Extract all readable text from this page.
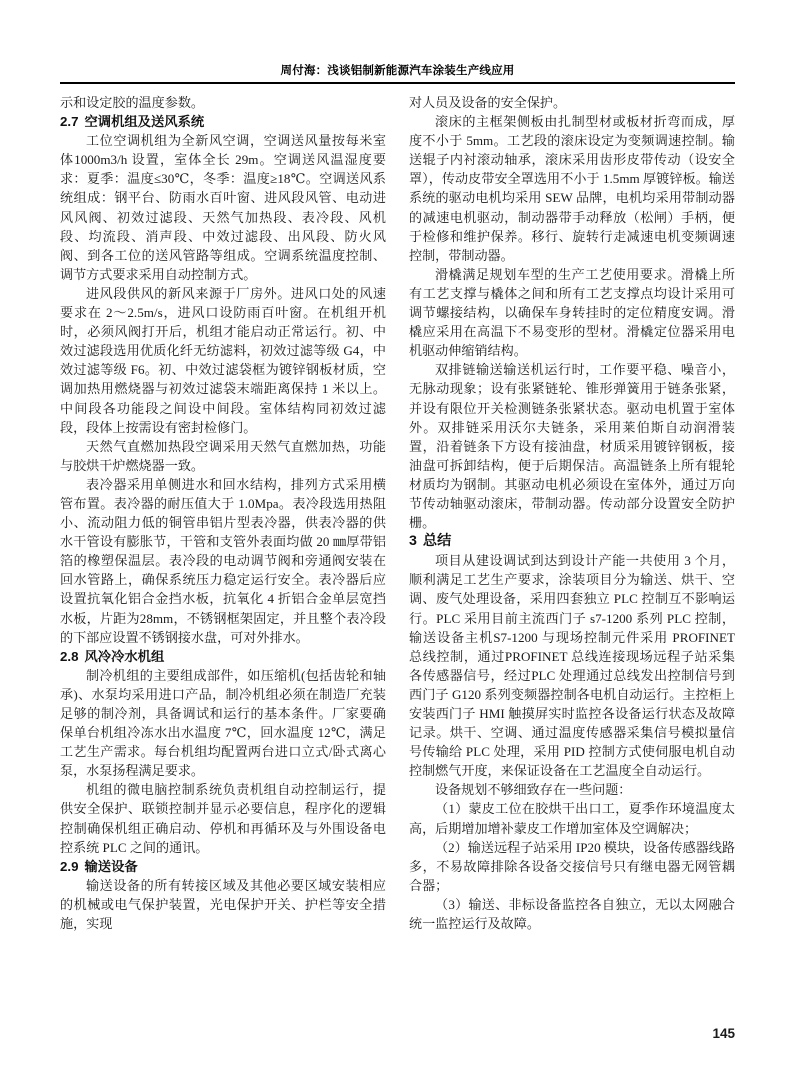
周付海：浅谈铝制新能源汽车涂装生产线应用

示和设定胶的温度参数。

2.7 空调机组及送风系统

工位空调机组为全新风空调，空调送风量按每米室体1000m3/h 设置，室体全长 29m。空调送风温湿度要求：夏季：温度≤30℃，冬季：温度≥18℃。空调送风系统组成：钢平台、防雨水百叶窗、进风段风管、电动进风风阀、初效过滤段、天然气加热段、表冷段、风机段、均流段、消声段、中效过滤段、出风段、防火风阀、到各工位的送风管路等组成。空调系统温度控制、调节方式要求采用自动控制方式。

进风段供风的新风来源于厂房外。进风口处的风速要求在 2～2.5m/s，进风口设防雨百叶窗。在机组开机时，必须风阀打开后，机组才能启动正常运行。初、中效过滤段选用优质化纤无纺滤料，初效过滤等级 G4，中效过滤等级 F6。初、中效过滤袋框为镀锌钢板材质，空调加热用燃烧器与初效过滤袋末端距离保持 1 米以上。中间段各功能段之间设中间段。室体结构同初效过滤段，段体上按需设有密封检修门。

天然气直燃加热段空调采用天然气直燃加热，功能与胶烘干炉燃烧器一致。

表冷器采用单侧进水和回水结构，排列方式采用横管布置。表冷器的耐压值大于 1.0Mpa。表冷段选用热阻小、流动阻力低的铜管串铝片型表冷器，供表冷器的供水干管设有膨胀节，干管和支管外表面均做 20 ㎜厚带铝箔的橡塑保温层。表冷段的电动调节阀和旁通阀安装在回水管路上，确保系统压力稳定运行安全。表冷器后应设置抗氧化铝合金挡水板，抗氧化 4 折铝合金单层宽挡水板，片距为28mm，不锈钢框架固定，并且整个表冷段的下部应设置不锈钢接水盘，可对外排水。

2.8 风冷冷水机组

制冷机组的主要组成部件，如压缩机(包括齿轮和轴承)、水泵均采用进口产品，制冷机组必须在制造厂充装足够的制冷剂，具备调试和运行的基本条件。厂家要确保单台机组冷冻水出水温度 7℃，回水温度 12℃，满足工艺生产需求。每台机组均配置两台进口立式/卧式离心泵，水泵扬程满足要求。

机组的微电脑控制系统负责机组自动控制运行，提供安全保护、联锁控制并显示必要信息，程序化的逻辑控制确保机组正确启动、停机和再循环及与外围设备电控系统 PLC 之间的通讯。

2.9 输送设备

输送设备的所有转接区域及其他必要区域安装相应的机械或电气保护装置，光电保护开关、护栏等安全措施，实现

对人员及设备的安全保护。

滚床的主框架侧板由扎制型材或板材折弯而成，厚度不小于 5mm。工艺段的滚床设定为变频调速控制。输送辊子内衬滚动轴承，滚床采用齿形皮带传动（设安全罩），传动皮带安全罩选用不小于 1.5mm 厚镀锌板。输送系统的驱动电机均采用 SEW 品牌，电机均采用带制动器的减速电机驱动，制动器带手动释放（松闸）手柄，便于检修和维护保养。移行、旋转行走减速电机变频调速控制，带制动器。

滑橇满足规划车型的生产工艺使用要求。滑橇上所有工艺支撑与橇体之间和所有工艺支撑点均设计采用可调节螺接结构，以确保车身转挂时的定位精度安调。滑橇应采用在高温下不易变形的型材。滑橇定位器采用电机驱动伸缩销结构。

双排链输送输送机运行时，工作要平稳、噪音小，无脉动现象；设有张紧链轮、锥形弹簧用于链条张紧，并设有限位开关检测链条张紧状态。驱动电机置于室体外。双排链采用沃尔夫链条，采用莱伯斯自动润滑装置，沿着链条下方设有接油盘，材质采用镀锌钢板，接油盘可拆卸结构，便于后期保洁。高温链条上所有辊轮材质均为钢制。其驱动电机必须设在室体外，通过万向节传动轴驱动滚床，带制动器。传动部分设置安全防护栅。

3 总结

项目从建设调试到达到设计产能一共使用 3 个月，顺利满足工艺生产要求，涂装项目分为输送、烘干、空调、废气处理设备，采用四套独立 PLC 控制互不影响运行。PLC 采用目前主流西门子 s7-1200 系列 PLC 控制，输送设备主机S7-1200 与现场控制元件采用 PROFINET 总线控制，通过PROFINET 总线连接现场远程子站采集各传感器信号，经过PLC 处理通过总线发出控制信号到西门子 G120 系列变频器控制各电机自动运行。主控柜上安装西门子 HMI 触摸屏实时监控各设备运行状态及故障记录。烘干、空调、通过温度传感器采集信号模拟量信号传输给 PLC 处理，采用 PID 控制方式使伺服电机自动控制燃气开度，来保证设备在工艺温度全自动运行。

设备规划不够细致存在一些问题：

（1）蒙皮工位在胶烘干出口工，夏季作环境温度太高，后期增加增补蒙皮工作增加室体及空调解决；

（2）输送远程子站采用 IP20 模块，设备传感器线路多，不易故障排除各设备交接信号只有继电器无网管耦合器；

（3）输送、非标设备监控各自独立，无以太网融合统一监控运行及故障。

145
